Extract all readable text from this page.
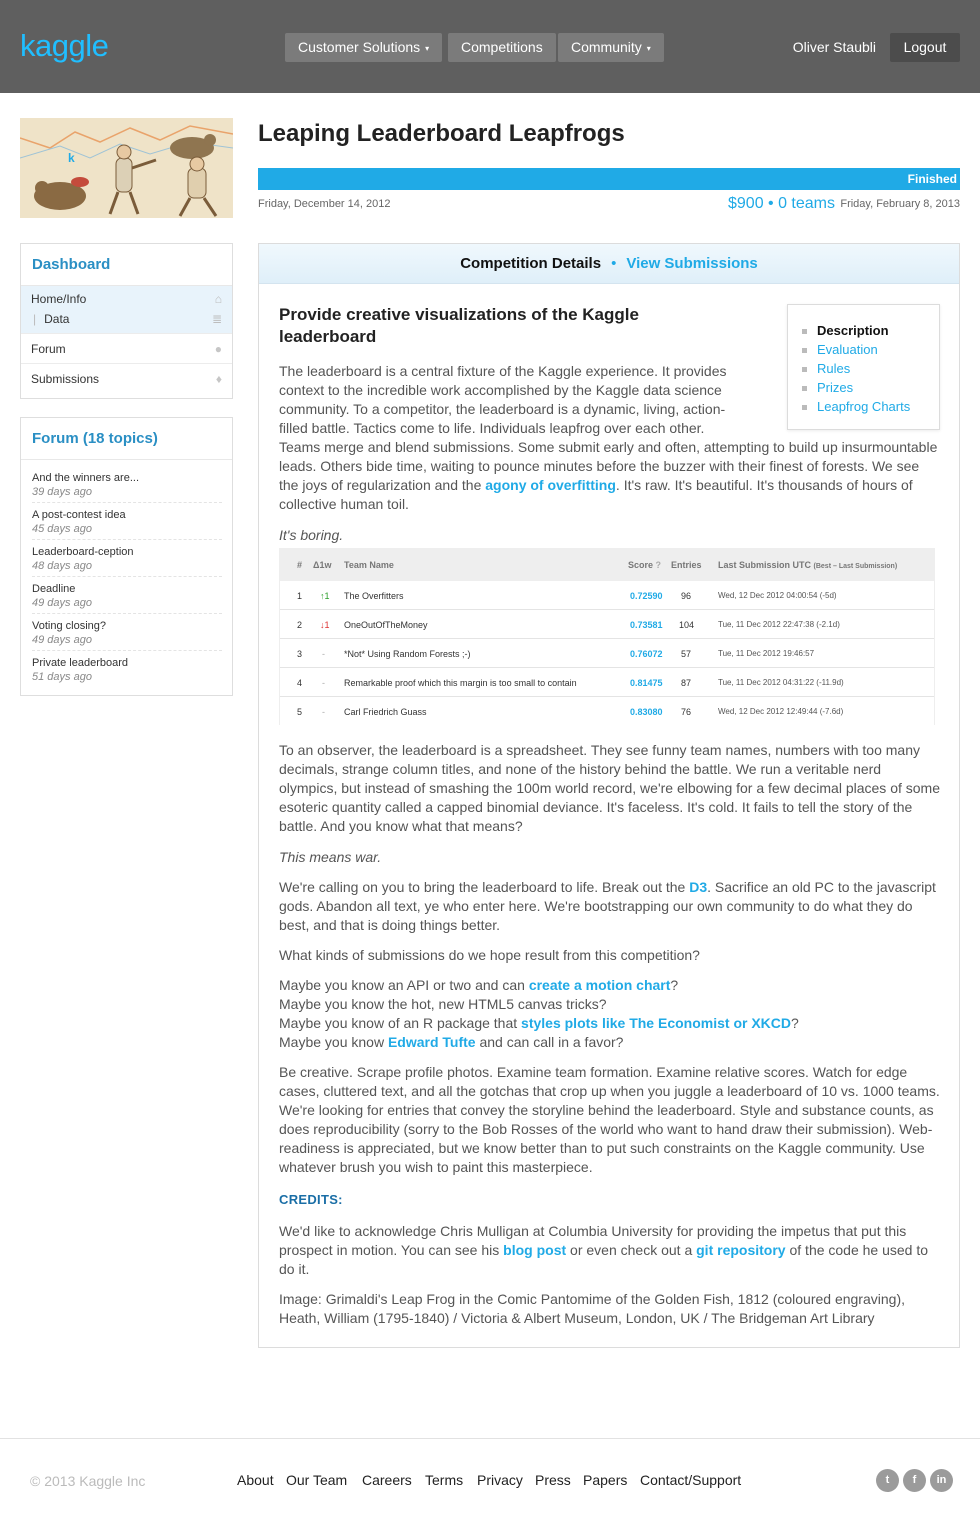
kaggle	Customer Solutions ▾	Competitions	Community ▾	Oliver Staubli	Logout
k
Dashboard
Home/Info	⌂
| Data	≣
Forum	●
Submissions	♦
Forum (18 topics)
And the winners are...
39 days ago
A post-contest idea
45 days ago
Leaderboard-ception
48 days ago
Deadline
49 days ago
Voting closing?
49 days ago
Private leaderboard
51 days ago
Leaping Leaderboard Leapfrogs
Finished
Friday, December 14, 2012	$900 • 0 teams Friday, February 8, 2013
Competition Details • View Submissions
Provide creative visualizations of the Kaggle leaderboard	Description
Evaluation
Rules
Prizes
Leapfrog Charts
The leaderboard is a central fixture of the Kaggle experience. It provides context to the incredible work accomplished by the Kaggle data science community. To a competitor, the leaderboard is a dynamic, living, action-filled battle. Tactics come to life. Individuals leapfrog over each other. Teams merge and blend submissions. Some submit early and often, attempting to build up insurmountable leads. Others bide time, waiting to pounce minutes before the buzzer with their finest of forests. We see the joys of regularization and the agony of overfitting. It's raw. It's beautiful. It's thousands of hours of collective human toil.
It's boring.
# Δ1w Team Name	Score ? Entries Last Submission UTC (Best – Last Submission)
1 ↑1 The Overfitters	0.72590 96	Wed, 12 Dec 2012 04:00:54 (-5d)
2 ↓1 OneOutOfTheMoney	0.73581 104	Tue, 11 Dec 2012 22:47:38 (-2.1d)
3 - *Not* Using Random Forests ;-)	0.76072 57	Tue, 11 Dec 2012 19:46:57
4 - Remarkable proof which this margin is too small to contain	0.81475 87	Tue, 11 Dec 2012 04:31:22 (-11.9d)
5 - Carl Friedrich Guass	0.83080 76	Wed, 12 Dec 2012 12:49:44 (-7.6d)
To an observer, the leaderboard is a spreadsheet. They see funny team names, numbers with too many decimals, strange column titles, and none of the history behind the battle. We run a veritable nerd olympics, but instead of smashing the 100m world record, we're elbowing for a few decimal places of some esoteric quantity called a capped binomial deviance. It's faceless. It's cold. It fails to tell the story of the battle. And you know what that means?
This means war.
We're calling on you to bring the leaderboard to life. Break out the D3. Sacrifice an old PC to the javascript gods. Abandon all text, ye who enter here. We're bootstrapping our own community to do what they do best, and that is doing things better.
What kinds of submissions do we hope result from this competition?
Maybe you know an API or two and can create a motion chart?
Maybe you know the hot, new HTML5 canvas tricks?
Maybe you know of an R package that styles plots like The Economist or XKCD?
Maybe you know Edward Tufte and can call in a favor?
Be creative. Scrape profile photos. Examine team formation. Examine relative scores. Watch for edge cases, cluttered text, and all the gotchas that crop up when you juggle a leaderboard of 10 vs. 1000 teams. We're looking for entries that convey the storyline behind the leaderboard. Style and substance counts, as does reproducibility (sorry to the Bob Rosses of the world who want to hand draw their submission). Web-readiness is appreciated, but we know better than to put such constraints on the Kaggle community. Use whatever brush you wish to paint this masterpiece.
CREDITS:
We'd like to acknowledge Chris Mulligan at Columbia University for providing the impetus that put this prospect in motion. You can see his blog post or even check out a git repository of the code he used to do it.
Image: Grimaldi's Leap Frog in the Comic Pantomime of the Golden Fish, 1812 (coloured engraving), Heath, William (1795-1840) / Victoria & Albert Museum, London, UK / The Bridgeman Art Library
© 2013 Kaggle Inc	About Our Team Careers Terms Privacy Press Papers Contact/Support	t	f	in
